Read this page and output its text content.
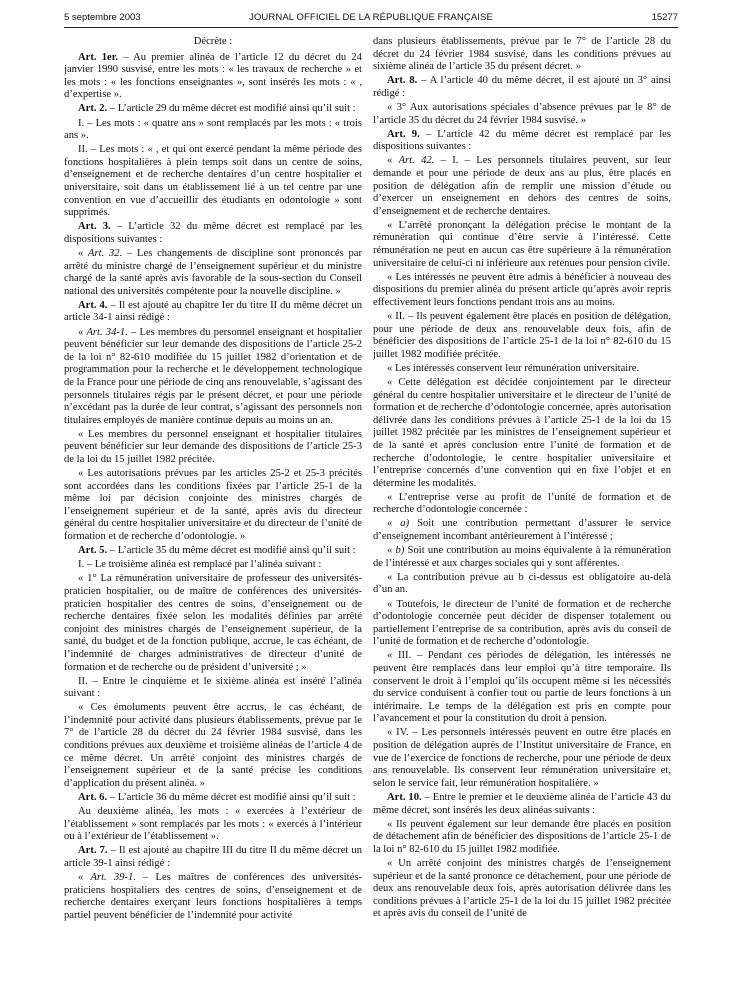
5 septembre 2003	JOURNAL OFFICIEL DE LA RÉPUBLIQUE FRANÇAISE	15277

Décrète :

Art. 1er. – Au premier alinéa de l’article 12 du décret du 24 janvier 1990 susvisé, entre les mots : « les travaux de recherche » et les mots : « les fonctions enseignantes », sont insérés les mots : « , d’expertise ».

Art. 2. – L’article 29 du même décret est modifié ainsi qu’il suit :

I. – Les mots : « quatre ans » sont remplacés par les mots : « trois ans ».

II. – Les mots : « , et qui ont exercé pendant la même période des fonctions hospitalières à plein temps soit dans un centre de soins, d’enseignement et de recherche dentaires d’un centre hospitalier et universitaire, soit dans un établissement lié à un tel centre par une convention en vue d’accueillir des étudiants en odontologie » sont supprimés.

Art. 3. – L’article 32 du même décret est remplacé par les dispositions suivantes :

« Art. 32. – Les changements de discipline sont prononcés par arrêté du ministre chargé de l’enseignement supérieur et du ministre chargé de la santé après avis favorable de la sous-section du Conseil national des universités compétente pour la nouvelle discipline. »

Art. 4. – Il est ajouté au chapitre Ier du titre II du même décret un article 34-1 ainsi rédigé :

« Art. 34-1. – Les membres du personnel enseignant et hospitalier peuvent bénéficier sur leur demande des dispositions de l’article 25-2 de la loi n° 82-610 modifiée du 15 juillet 1982 d’orientation et de programmation pour la recherche et le développement technologique de la France pour une période de cinq ans renouvelable, s’agissant des personnels titulaires régis par le présent décret, et pour une période n’excédant pas la durée de leur contrat, s’agissant des personnels non titulaires employés de manière continue depuis au moins un an.

« Les membres du personnel enseignant et hospitalier titulaires peuvent bénéficier sur leur demande des dispositions de l’article 25-3 de la loi du 15 juillet 1982 précitée.

« Les autorisations prévues par les articles 25-2 et 25-3 précités sont accordées dans les conditions fixées par l’article 25-1 de la même loi par décision conjointe des ministres chargés de l’enseignement supérieur et de la santé, après avis du directeur général du centre hospitalier universitaire et du directeur de l’unité de formation et de recherche d’odontologie. »

Art. 5. – L’article 35 du même décret est modifié ainsi qu’il suit :

I. – Le troisième alinéa est remplacé par l’alinéa suivant :

« 1° La rémunération universitaire de professeur des universités-praticien hospitalier, ou de maître de conférences des universités-praticien hospitalier des centres de soins, d’enseignement ou de recherche dentaires fixée selon les modalités définies par arrêté conjoint des ministres chargés de l’enseignement supérieur, de la santé, du budget et de la fonction publique, accrue, le cas échéant, de l’indemnité de charges administratives de directeur d’unité de formation et de recherche ou de président d’université ; »

II. – Entre le cinquième et le sixième alinéa est inséré l’alinéa suivant :

« Ces émoluments peuvent être accrus, le cas échéant, de l’indemnité pour activité dans plusieurs établissements, prévue par le 7° de l’article 28 du décret du 24 février 1984 susvisé, dans les conditions prévues aux deuxième et troisième alinéas de l’article 4 de ce même décret. Un arrêté conjoint des ministres chargés de l’enseignement supérieur et de la santé précise les conditions d’application du présent alinéa. »

Art. 6. – L’article 36 du même décret est modifié ainsi qu’il suit :

Au deuxième alinéa, les mots : « exercées à l’extérieur de l’établissement » sont remplacés par les mots : « exercés à l’intérieur ou à l’extérieur de l’établissement ».

Art. 7. – Il est ajouté au chapitre III du titre II du même décret un article 39-1 ainsi rédigé :

« Art. 39-1. – Les maîtres de conférences des universités-praticiens hospitaliers des centres de soins, d’enseignement et de recherche dentaires exerçant leurs fonctions hospitalières à temps partiel peuvent bénéficier de l’indemnité pour activité

dans plusieurs établissements, prévue par le 7° de l’article 28 du décret du 24 février 1984 susvisé, dans les conditions prévues au sixième alinéa de l’article 35 du présent décret. »

Art. 8. – A l’article 40 du même décret, il est ajouté un 3° ainsi rédigé :

« 3° Aux autorisations spéciales d’absence prévues par le 8° de l’article 35 du décret du 24 février 1984 susvisé. »

Art. 9. – L’article 42 du même décret est remplacé par les dispositions suivantes :

« Art. 42. – I. – Les personnels titulaires peuvent, sur leur demande et pour une période de deux ans au plus, être placés en position de délégation afin de remplir une mission d’étude ou d’exercer un enseignement en dehors des centres de soins, d’enseignement et de recherche dentaires.

« L’arrêté prononçant la délégation précise le montant de la rémunération qui continue d’être servie à l’intéressé. Cette rémunération ne peut en aucun cas être supérieure à la rémunération universitaire de celui-ci ni inférieure aux retenues pour pension civile.

« Les intéressés ne peuvent être admis à bénéficier à nouveau des dispositions du premier alinéa du présent article qu’après avoir repris effectivement leurs fonctions pendant trois ans au moins.

« II. – Ils peuvent également être placés en position de délégation, pour une période de deux ans renouvelable deux fois, afin de bénéficier des dispositions de l’article 25-1 de la loi n° 82-610 du 15 juillet 1982 modifiée précitée.

« Les intéressés conservent leur rémunération universitaire.

« Cette délégation est décidée conjointement par le directeur général du centre hospitalier universitaire et le directeur de l’unité de formation et de recherche d’odontologie concernée, après autorisation délivrée dans les conditions prévues à l’article 25-1 de la loi du 15 juillet 1982 précitée par les ministres de l’enseignement supérieur et de la santé et après conclusion entre l’unité de formation et de recherche d’odontologie, le centre hospitalier universitaire et l’entreprise concernés d’une convention qui en fixe l’objet et en détermine les modalités.

« L’entreprise verse au profit de l’unité de formation et de recherche d’odontologie concernée :

« a) Soit une contribution permettant d’assurer le service d’enseignement incombant antérieurement à l’intéressé ;

« b) Soit une contribution au moins équivalente à la rémunération de l’intéressé et aux charges sociales qui y sont afférentes.

« La contribution prévue au b ci-dessus est obligatoire au-delà d’un an.

« Toutefois, le directeur de l’unité de formation et de recherche d’odontologie concernée peut décider de dispenser totalement ou partiellement l’entreprise de sa contribution, après avis du conseil de l’unité de formation et de recherche d’odontologie.

« III. – Pendant ces périodes de délégation, les intéressés ne peuvent être remplacés dans leur emploi qu’à titre temporaire. Ils conservent le droit à l’emploi qu’ils occupent même si les nécessités du service conduisent à confier tout ou partie de leurs fonctions à un intérimaire. Le temps de la délégation est pris en compte pour l’avancement et pour la constitution du droit à pension.

« IV. – Les personnels intéressés peuvent en outre être placés en position de délégation auprès de l’Institut universitaire de France, en vue de l’exercice de fonctions de recherche, pour une période de deux ans renouvelable. Ils conservent leur rémunération universitaire et, selon le service fait, leur rémunération hospitalière. »

Art. 10. – Entre le premier et le deuxième alinéa de l’article 43 du même décret, sont insérés les deux alinéas suivants :

« Ils peuvent également sur leur demande être placés en position de détachement afin de bénéficier des dispositions de l’article 25-1 de la loi n° 82-610 du 15 juillet 1982 modifiée.

« Un arrêté conjoint des ministres chargés de l’enseignement supérieur et de la santé prononce ce détachement, pour une période de deux ans renouvelable deux fois, après autorisation délivrée dans les conditions prévues à l’article 25-1 de la loi du 15 juillet 1982 précitée et après avis du conseil de l’unité de
